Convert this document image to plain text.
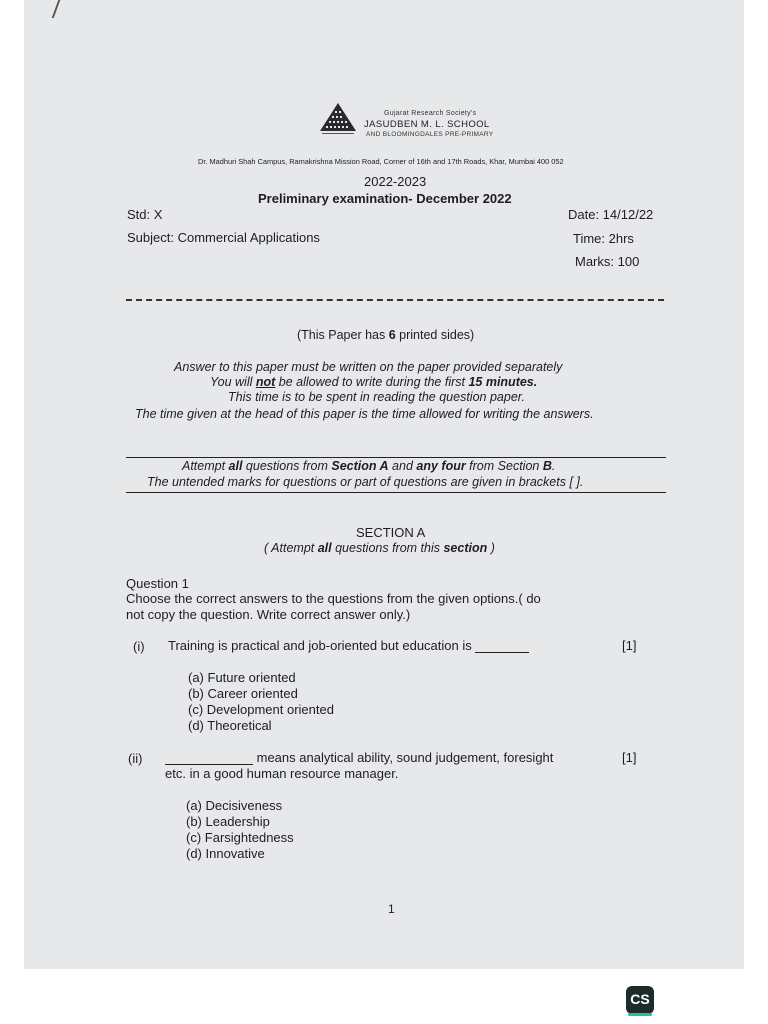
Gujarat Research Society's
JASUDBEN M. L. SCHOOL
AND BLOOMINGDALES PRE-PRIMARY
Dr. Madhuri Shah Campus, Ramakrishna Mission Road, Corner of 16th and 17th Roads, Khar, Mumbai 400 052
2022-2023
Preliminary examination- December 2022
Std: X	Date: 14/12/22
Subject: Commercial Applications	Time: 2hrs
Marks: 100
(This Paper has 6 printed sides)
Answer to this paper must be written on the paper provided separately
You will not be allowed to write during the first 15 minutes.
This time is to be spent in reading the question paper.
The time given at the head of this paper is the time allowed for writing the answers.
Attempt all questions from Section A and any four from Section B.
The untended marks for questions or part of questions are given in brackets [ ].
SECTION A
( Attempt all questions from this section )
Question 1
Choose the correct answers to the questions from the given options.( do
not copy the question. Write correct answer only.)
(i) Training is practical and job-oriented but education is	[1]
(a) Future oriented
(b) Career oriented
(c) Development oriented
(d) Theoretical
(ii)	means analytical ability, sound judgement, foresight	[1]
etc. in a good human resource manager.
(a) Decisiveness
(b) Leadership
(c) Farsightedness
(d) Innovative
1
CS
